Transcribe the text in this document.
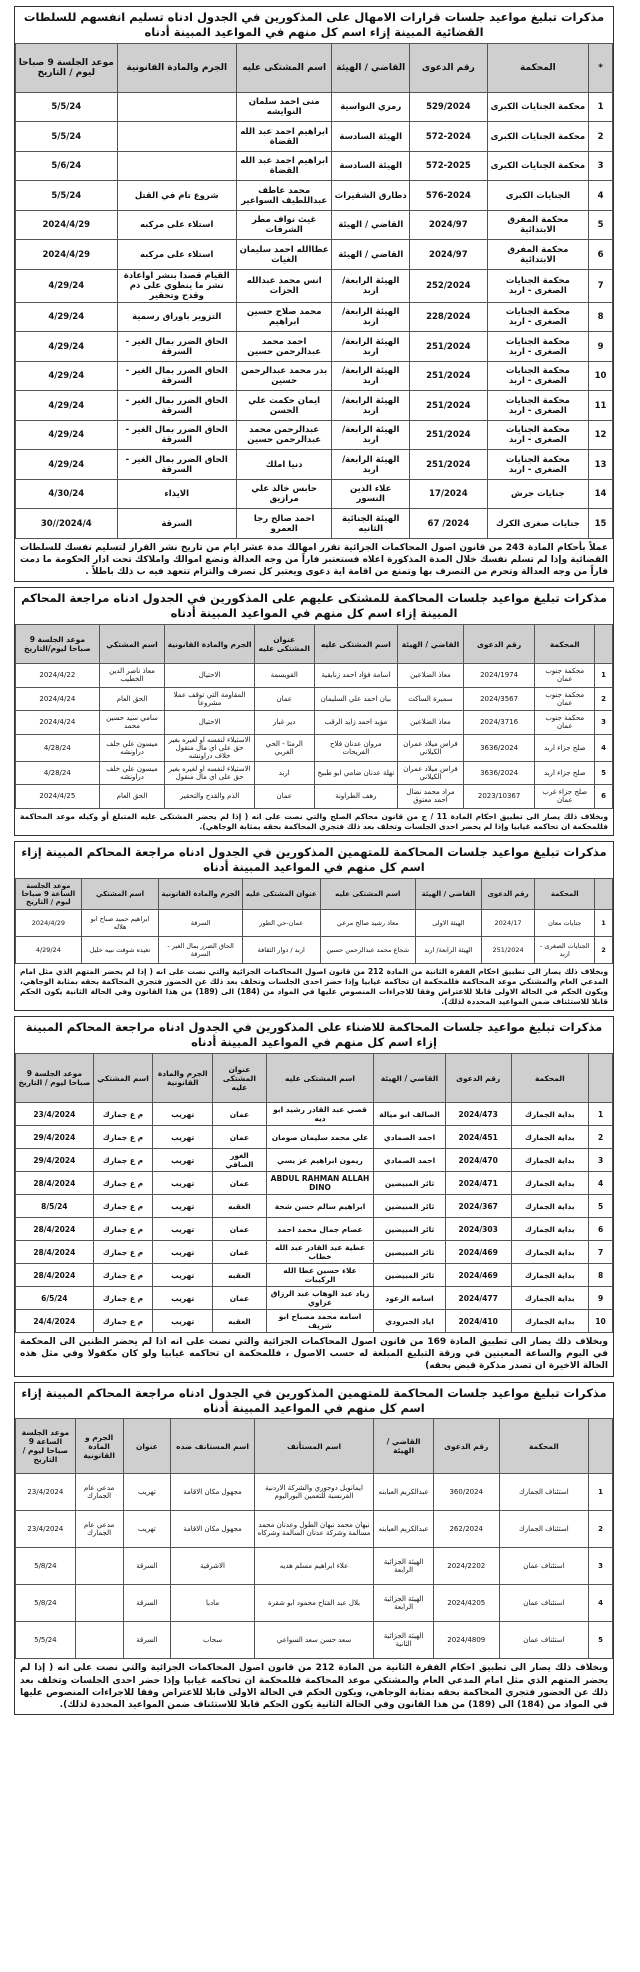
مذكرات تبليغ مواعيد جلسات قرارات الامهال على المذكورين في الجدول ادناه تسليم انفسهم للسلطات القضائية المبينة إزاء اسم كل منهم في المواعيد المبينة أدناه
*	المحكمة	رقم الدعوى	القاضي / الهيئة	اسم المشتكى عليه	الجرم والمادة القانونية	موعد الجلسة 9 صباحا ليوم / التاريخ
1	محكمة الجنايات الكبرى	529/2024	رمزي النواسية	منى احمد سلمان النوايشه		5/5/24
2	محكمة الجنايات الكبرى	572-2024	الهيئة السادسة	ابراهيم احمد عبد الله القضاة		5/5/24
3	محكمة الجنايات الكبرى	572-2025	الهيئة السادسة	ابراهيم احمد عبد الله القضاة		5/6/24
4	الجنايات الكبرى	576-2024	دطارق الشقيرات	محمد عاطف عبداللطيف السواعير	شروع تام في القتل	5/5/24
5	محكمة المفرق الابتدائية	2024/97	القاضي / الهيئة	غيث نواف مطر الشرفات	استلاء على مركبه	2024/4/29
6	محكمة المفرق الابتدائية	2024/97	القاضي / الهيئة	عطاالله احمد سليمان الغيات	استلاء على مركبه	2024/4/29
7	محكمة الجنايات الصغرى - اربد	252/2024	الهيئة الرابعة/ اربد	انس محمد عبدالله الحزات	القيام قصدا بنشر اواعادة نشر ما ينطوي على ذم وقدح وتحقير	4/29/24
8	محكمة الجنايات الصغرى - اربد	228/2024	الهيئة الرابعة/ اربد	محمد صلاح حسين ابراهيم	التزوير باوراق رسمية	4/29/24
9	محكمة الجنايات الصغرى - اربد	251/2024	الهيئة الرابعة/ اربد	احمد محمد عبدالرحمن حسين	الحاق الضرر بمال الغير - السرقة	4/29/24
10	محكمة الجنايات الصغرى - اربد	251/2024	الهيئة الرابعة/ اربد	بدر محمد عبدالرحمن حسين	الحاق الضرر بمال الغير - السرقة	4/29/24
11	محكمة الجنايات الصغرى - اربد	251/2024	الهيئة الرابعة/ اربد	ايمان حكمت علي الحسن	الحاق الضرر بمال الغير - السرقة	4/29/24
12	محكمة الجنايات الصغرى - اربد	251/2024	الهيئة الرابعة/ اربد	عبدالرحمن محمد عبدالرحمن حسين	الحاق الضرر بمال الغير - السرقة	4/29/24
13	محكمة الجنايات الصغرى - اربد	251/2024	الهيئة الرابعة/ اربد	دنيا املك	الحاق الضرر بمال الغير - السرقة	4/29/24
14	جنايات جرش	17/2024	علاء الدين النسور	حابس خالد علي مرازيق	الايذاء	4/30/24
15	جنايات صغرى الكرك	2024/ 67	الهيئة الجنائية الثانيه	احمد صالح رجا العمرو	السرقة	2024/4//30
عملاً بأحكام المادة 243 من قانون اصول المحاكمات الجزائية تقرر امهالك مدة عشر ايام من تاريخ نشر القرار لتسليم نفسك للسلطات القضائية وإذا لم تسلم نفسك خلال المدة المذكورة اعلاه فستعتبر فاراً من وجه العدالة وتضع اموالك واملاكك تحت ادار الحكومة ما دمت فاراً من وجه العدالة وتحرم من التصرف بها وتمنع من اقامة اية دعوى ويعتبر كل تصرف والتزام تتعهد فيه ب ذلك باطلاً .
مذكرات تبليغ مواعيد جلسات المحاكمة للمشتكى عليهم على المذكورين في الجدول ادناه مراجعة المحاكم المبينة إزاء اسم كل منهم في المواعيد المبينة أدناه
	المحكمة	رقم الدعوى	القاضي / الهيئة	اسم المشتكى عليه	عنوان المشتكى عليه	الجرم والمادة القانونية	اسم المشتكي	موعد الجلسة 9 صباحا ليوم/التاريخ
1	محكمة جنوب عمان	2024/1974	معاذ الضلاعين	اسامة فؤاد احمد زنابقية	القويسمة	الاحتيال	معاذ ناصر الدين الخطيب	2024/4/22
2	محكمة جنوب عمان	2024/3567	سميرة الساكت	بيان احمد علي السليمان	عمان	المقاومة التي توقف عملا مشروعا	الحق العام	2024/4/24
3	محكمة جنوب عمان	2024/3716	معاذ الضلاعين	مؤيد احمد زايد الرقب	دير غبار	الاحتيال	سامي سيد حسين محمد	2024/4/24
4	صلح جزاء اربد	3636/2024	فراس ميلاد عمران الكيلاني	مروان عدنان فلاح الفريحات	الرمثا - الحي الغربي	الاستيلاء لنفسه او لغيره بغير حق على اي مال منقول خلاف دراونشه	ميسون علي خلف دراونشه	4/28/24
5	صلح جزاء اربد	3636/2024	فراس ميلاد عمران الكيلاني	نهلة عدنان ضامي ابو طبيخ	اربد	الاستيلاء لنفسه او لغيره بغير حق على اي مال منقول	ميسون علي خلف دراونشه	4/28/24
6	صلح جزاء غرب عمان	2023/10367	مراد محمد نضال احمد معتوق	رهف الطراونة	عمان	الذم والقدح والتحقير	الحق العام	2024/4/25
وبخلاف ذلك يصار الى تطبيق احكام المادة 11 / ج من قانون محاكم الصلح والتي نصت على انه ( إذا لم يحضر المشتكى عليه المتبلغ أو وكيله موعد المحاكمة فللمحكمة ان تحاكمه غيابيا وإذا لم يحضر احدى الجلسات وتخلف بعد ذلك فتجري المحاكمة بحقه بمثابة الوجاهي).
مذكرات تبليغ مواعيد جلسات المحاكمة للمتهمين المذكورين في الجدول ادناه مراجعة المحاكم المبينة إزاء اسم كل منهم في المواعيد المبينة أدناه
	المحكمة	رقم الدعوى	القاضي / الهيئة	اسم المشتكى عليه	عنوان المشتكى عليه	الجرم والمادة القانونية	اسم المشتكي	موعد الجلسة الساعة 9 صباحا ليوم / التاريخ
1	جنايات معان	2024/17	الهيئة الاولى	معاذ رشيد صالح مرعي	عمان-حي الطور	السرقة	ابراهيم حميد صباح ابو هلاله	2024/4/29
2	الجنايات الصغرى - اربد	251/2024	الهيئة الرابعة/ اربد	شجاع محمد عبدالرحمن حسين	اربد / دوار الثقافة	الحاق الضرر بمال الغير - السرقة	تغيده شوقت نبيه خليل	4/29/24
وبخلاف ذلك يصار الى تطبيق احكام الفقرة الثانية من المادة 212 من قانون اصول المحاكمات الجزائية والتي نصت على انه ( إذا لم يحضر المتهم الذي مثل امام المدعي العام والمشتكي موعد المحاكمة فللمحكمة ان تحاكمه غيابيا وإذا حضر احدى الجلسات وتخلف بعد ذلك عن الحضور فتجري المحاكمة بحقه بمثابة الوجاهي، ويكون الحكم في الحالة الاولى قابلا للاعتراض وفقا للاجراءات المنصوص عليها في المواد من (184) الى (189) من هذا القانون وفي الحالة الثانية يكون الحكم قابلا للاستئناف ضمن المواعيد المحددة لذلك).
مذكرات تبليغ مواعيد جلسات المحاكمة للاضناء على المذكورين في الجدول ادناه مراجعة المحاكم المبينة إزاء اسم كل منهم في المواعيد المبينة أدناه
	المحكمة	رقم الدعوى	القاضي / الهيئة	اسم المشتكى عليه	عنوان المشتكى عليه	الجرم والمادة القانونية	اسم المشتكي	موعد الجلسة 9 صباحا ليوم / التاريخ
1	بداية الجمارك	2024/473	الصالف ابو ميالة	قصي عبد القادر رشيد ابو ديه	عمان	تهريب	م ع جمارك	23/4/2024
2	بداية الجمارك	2024/451	احمد الصمادي	علي محمد سليمان صومان	عمان	تهريب	م ع جمارك	29/4/2024
3	بداية الجمارك	2024/470	احمد الصمادي	ريمون ابراهيم عز يسي	الغور الصافي	تهريب	م ع جمارك	29/4/2024
4	بداية الجمارك	2024/471	ثائر المبيضين	ABDUL RAHMAN ALLAH DINO	عمان	تهريب	م ع جمارك	28/4/2024
5	بداية الجمارك	2024/367	ثائر المبيضين	ابراهيم سالم حسن شحة	العقبه	تهريب	م ع جمارك	8/5/24
6	بداية الجمارك	2024/303	ثائر المبيضين	عصام جمال محمد احمد	عمان	تهريب	م ع جمارك	28/4/2024
7	بداية الجمارك	2024/469	ثائر المبيضين	عطية عبد القادر عبد الله خطاب	عمان	تهريب	م ع جمارك	28/4/2024
8	بداية الجمارك	2024/469	ثائر المبيضين	علاء حسين عطا الله الركيبات	العقبه	تهريب	م ع جمارك	28/4/2024
9	بداية الجمارك	2024/477	اسامه الرعود	زياد عبد الوهاب عبد الرزاق عزاوي	عمان	تهريب	م ع جمارك	6/5/24
10	بداية الجمارك	2024/410	اياد الجبرودي	اسامه محمد مصباح ابو شريف	العقبه	تهريب	م ع جمارك	24/4/2024
وبخلاف ذلك يصار الى تطبيق المادة 169 من قانون اصول المحاكمات الجزائية والتي نصت على انه اذا لم يحضر الظنين الى المحكمة في اليوم والساعة المعينين في ورقة التبليغ المبلغة له حسب الاصول ، فللمحكمة ان تحاكمه غيابيا ولو كان مكفولا وفي مثل هذه الحالة الاخيرة ان تصدر مذكرة قبض بحقه)
مذكرات تبليغ مواعيد جلسات المحاكمة للمتهمين المذكورين في الجدول ادناه مراجعة المحاكم المبينة إزاء اسم كل منهم في المواعيد المبينة أدناه
	المحكمة	رقم الدعوى	القاضي / الهيئة	اسم المستأنف	اسم المستانف ضده	عنوان	الجرم و المادة القانونية	موعد الجلسة الساعة 9 صباحا ليوم / التاريخ
1	استئناف الجمارك	360/2024	عبدالكريم العبابنه	ايمانويل دوجوري والشركة الاردنية الفرنسية للتعمين البوراليوم	مجهول مكان الاقامة	تهريب	مدعي عام الجمارك	23/4/2024
2	استئناف الجمارك	262/2024	عبدالكريم العبابنه	نيهان محمد نبهان الطول وعدنان محمد مسالمة وشركة عدنان السالمة وشركاه	مجهول مكان الاقامة	تهريب	مدعي عام الجمارك	23/4/2024
3	استئناف عمان	2024/2202	الهيئة الجزائية الرابعة	علاء ابراهيم مسلم هديه	الاشرفية	السرقة		5/8/24
4	استئناف عمان	2024/4205	الهيئة الجزائية الرابعة	بلال عبد الفتاح محمود ابو شقرة	مادبا	السرقة		5/8/24
5	استئناف عمان	2024/4809	الهيئة الجزائية الثانية	سعد حسن سعد السواعي	سحاب	السرقة		5/5/24
وبخلاف ذلك يصار الى تطبيق احكام الفقرة الثانية من المادة 212 من قانون اصول المحاكمات الجزائية والتي نصت على انه ( إذا لم يحضر المتهم الذي مثل امام المدعي العام والمشتكي موعد المحاكمة فللمحكمة ان تحاكمه غيابيا وإذا حضر احدى الجلسات وتخلف بعد ذلك عن الحضور فتجري المحاكمة بحقه بمثابة الوجاهي، ويكون الحكم في الحالة الاولى قابلا للاعتراض وفقا للاجراءات المنصوص عليها في المواد من (184) الى (189) من هذا القانون وفي الحالة الثانية يكون الحكم قابلا للاستئناف ضمن المواعيد المحددة لذلك).
